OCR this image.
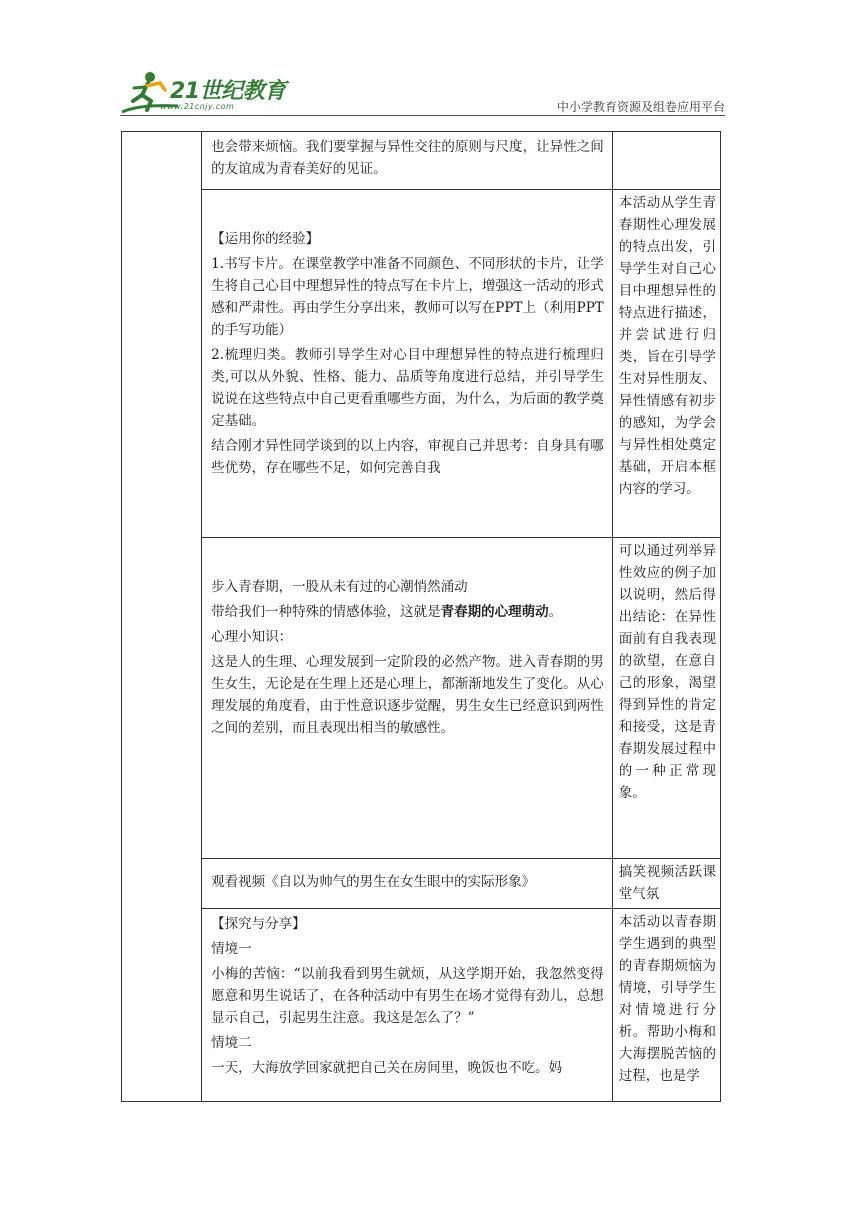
21世纪教育
www.21cnjy.com	中小学教育资源及组卷应用平台

	也会带来烦恼。我们要掌握与异性交往的原则与尺度，让异性之间的友谊成为青春美好的见证。	

	【运用你的经验】

1.书写卡片。在课堂教学中准备不同颜色、不同形状的卡片，让学生将自己心目中理想异性的特点写在卡片上，增强这一活动的形式感和严肃性。再由学生分享出来，教师可以写在PPT上（利用PPT的手写功能）

2.梳理归类。教师引导学生对心目中理想异性的特点进行梳理归类,可以从外貌、性格、能力、品质等角度进行总结，并引导学生说说在这些特点中自己更看重哪些方面，为什么，为后面的教学奠定基础。

结合刚才异性同学谈到的以上内容，审视自己并思考：自身具有哪些优势，存在哪些不足，如何完善自我	本活动从学生青春期性心理发展的特点出发，引导学生对自己心目中理想异性的特点进行描述，并尝试进行归类，旨在引导学生对异性朋友、异性情感有初步的感知，为学会与异性相处奠定基础，开启本框内容的学习。

	步入青春期，一股从未有过的心潮悄然涌动

带给我们一种特殊的情感体验，这就是青春期的心理萌动。

心理小知识：

这是人的生理、心理发展到一定阶段的必然产物。进入青春期的男生女生，无论是在生理上还是心理上，都渐渐地发生了变化。从心理发展的角度看，由于性意识逐步觉醒，男生女生已经意识到两性之间的差别，而且表现出相当的敏感性。	可以通过列举异性效应的例子加以说明，然后得出结论：在异性面前有自我表现的欲望，在意自己的形象，渴望得到异性的肯定和接受，这是青春期发展过程中的一种正常现象。

	观看视频《自以为帅气的男生在女生眼中的实际形象》	搞笑视频活跃课堂气氛

	【探究与分享】

情境一

小梅的苦恼：“以前我看到男生就烦，从这学期开始，我忽然变得愿意和男生说话了，在各种活动中有男生在场才觉得有劲儿，总想显示自己，引起男生注意。我这是怎么了？”

情境二

一天，大海放学回家就把自己关在房间里，晚饭也不吃。妈	本活动以青春期学生遇到的典型的青春期烦恼为情境，引导学生对情境进行分析。帮助小梅和大海摆脱苦恼的过程，也是学
